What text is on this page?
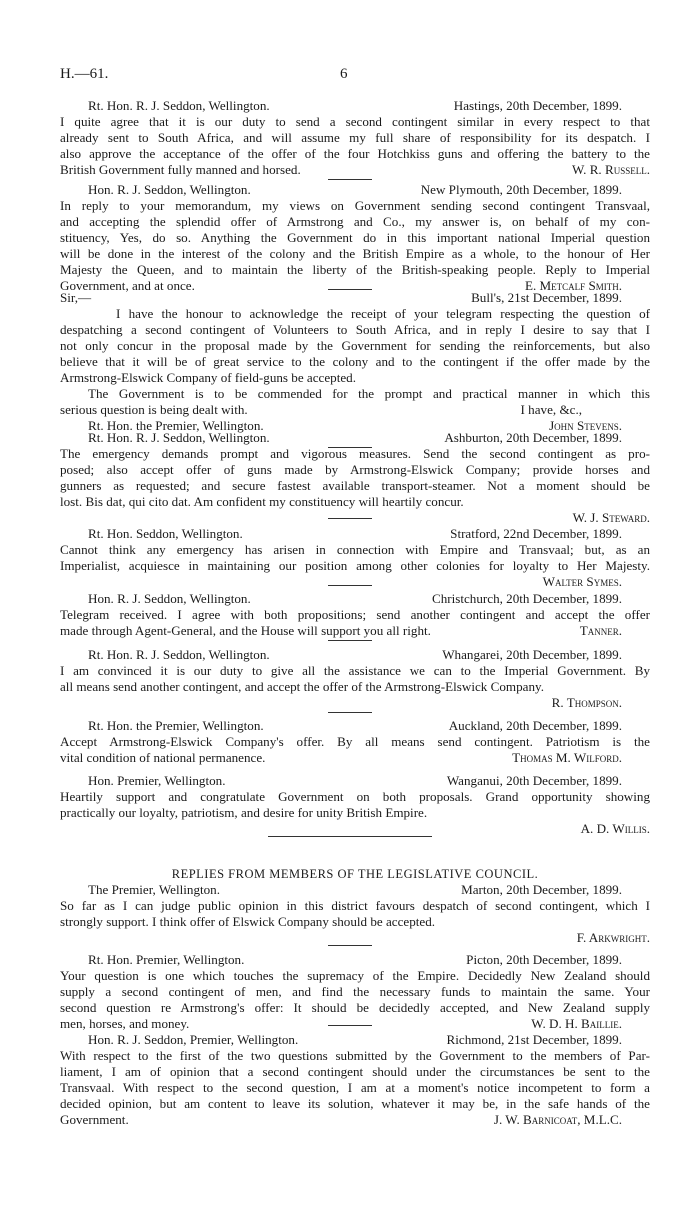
H.—61.	6
Rt. Hon. R. J. Seddon, Wellington.	Hastings, 20th December, 1899.
I quite agree that it is our duty to send a second contingent similar in every respect to that
already sent to South Africa, and will assume my full share of responsibility for its despatch. I
also approve the acceptance of the offer of the four Hotchkiss guns and offering the battery to the
British Government fully manned and horsed.	W. R. Russell.
Hon. R. J. Seddon, Wellington.	New Plymouth, 20th December, 1899.
In reply to your memorandum, my views on Government sending second contingent Transvaal,
and accepting the splendid offer of Armstrong and Co., my answer is, on behalf of my con-
stituency, Yes, do so. Anything the Government do in this important national Imperial question
will be done in the interest of the colony and the British Empire as a whole, to the honour of Her
Majesty the Queen, and to maintain the liberty of the British-speaking people. Reply to Imperial
Government, and at once.	E. Metcalf Smith.
Sir,—	Bull's, 21st December, 1899.
I have the honour to acknowledge the receipt of your telegram respecting the question of
despatching a second contingent of Volunteers to South Africa, and in reply I desire to say that I
not only concur in the proposal made by the Government for sending the reinforcements, but also
believe that it will be of great service to the colony and to the contingent if the offer made by the
Armstrong-Elswick Company of field-guns be accepted.
The Government is to be commended for the prompt and practical manner in which this
serious question is being dealt with.	I have, &c.,
Rt. Hon. the Premier, Wellington.	John Stevens.
Rt. Hon. R. J. Seddon, Wellington.	Ashburton, 20th December, 1899.
The emergency demands prompt and vigorous measures. Send the second contingent as pro-
posed; also accept offer of guns made by Armstrong-Elswick Company; provide horses and
gunners as requested; and secure fastest available transport-steamer. Not a moment should be
lost. Bis dat, qui cito dat. Am confident my constituency will heartily concur.
W. J. Steward.
Rt. Hon. Seddon, Wellington.	Stratford, 22nd December, 1899.
Cannot think any emergency has arisen in connection with Empire and Transvaal; but, as an
Imperialist, acquiesce in maintaining our position among other colonies for loyalty to Her Majesty.
Walter Symes.
Hon. R. J. Seddon, Wellington.	Christchurch, 20th December, 1899.
Telegram received. I agree with both propositions; send another contingent and accept the offer
made through Agent-General, and the House will support you all right.	Tanner.
Rt. Hon. R. J. Seddon, Wellington.	Whangarei, 20th December, 1899.
I am convinced it is our duty to give all the assistance we can to the Imperial Government. By
all means send another contingent, and accept the offer of the Armstrong-Elswick Company.
R. Thompson.
Rt. Hon. the Premier, Wellington.	Auckland, 20th December, 1899.
Accept Armstrong-Elswick Company's offer. By all means send contingent. Patriotism is the
vital condition of national permanence.	Thomas M. Wilford.
Hon. Premier, Wellington.	Wanganui, 20th December, 1899.
Heartily support and congratulate Government on both proposals. Grand opportunity showing
practically our loyalty, patriotism, and desire for unity British Empire.
A. D. Willis.
REPLIES FROM MEMBERS OF THE LEGISLATIVE COUNCIL.
The Premier, Wellington.	Marton, 20th December, 1899.
So far as I can judge public opinion in this district favours despatch of second contingent, which I
strongly support. I think offer of Elswick Company should be accepted.
F. Arkwright.
Rt. Hon. Premier, Wellington.	Picton, 20th December, 1899.
Your question is one which touches the supremacy of the Empire. Decidedly New Zealand should
supply a second contingent of men, and find the necessary funds to maintain the same. Your
second question re Armstrong's offer: It should be decidedly accepted, and New Zealand supply
men, horses, and money.	W. D. H. Baillie.
Hon. R. J. Seddon, Premier, Wellington.	Richmond, 21st December, 1899.
With respect to the first of the two questions submitted by the Government to the members of Par-
liament, I am of opinion that a second contingent should under the circumstances be sent to the
Transvaal. With respect to the second question, I am at a moment's notice incompetent to form a
decided opinion, but am content to leave its solution, whatever it may be, in the safe hands of the
Government.	J. W. Barnicoat, M.L.C.
